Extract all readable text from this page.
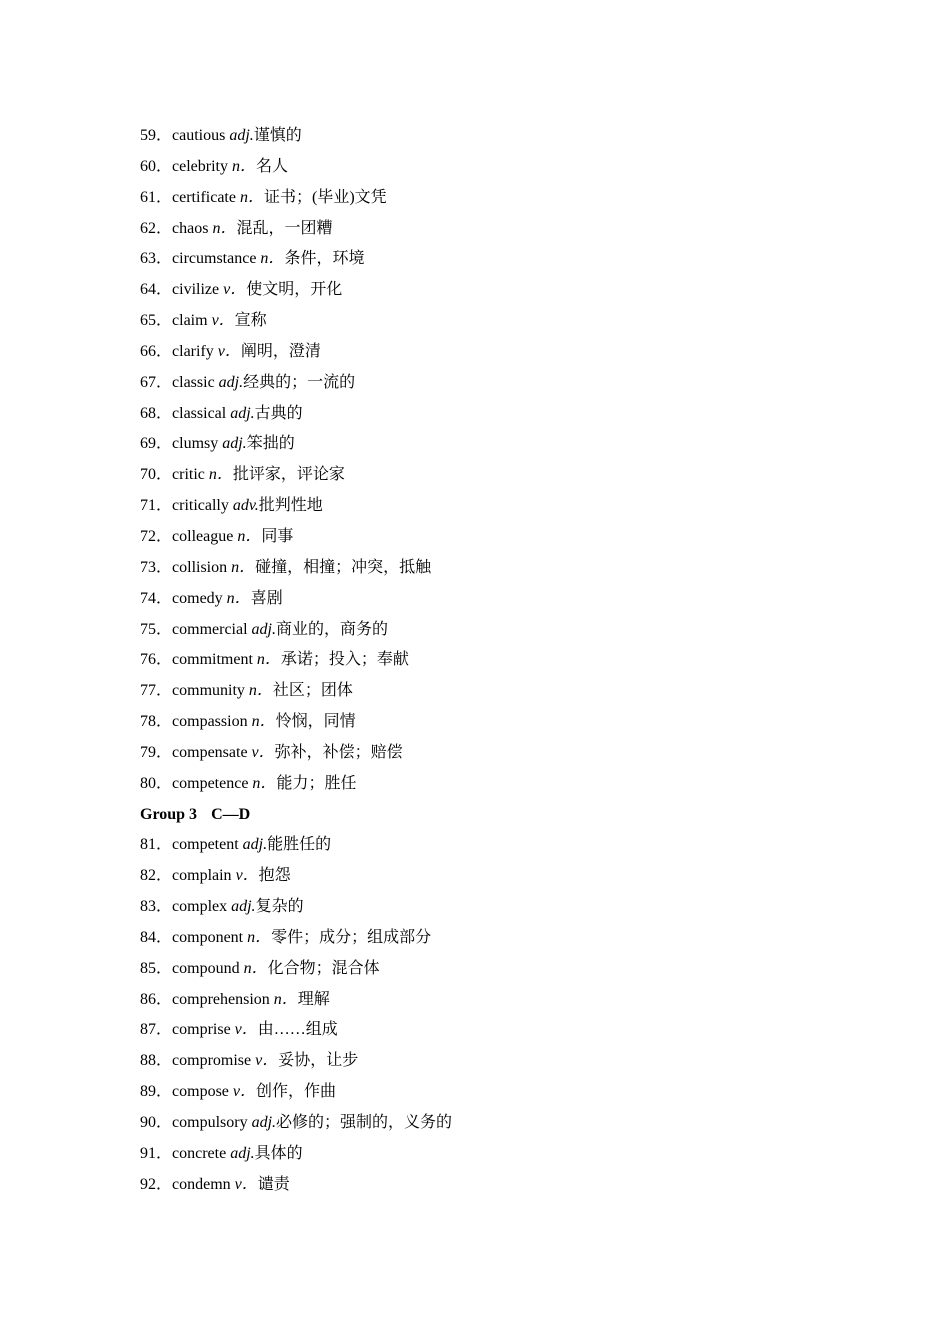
59．cautious adj.谨慎的
60．celebrity n．名人
61．certificate n．证书；(毕业)文凭
62．chaos n．混乱，一团糟
63．circumstance n．条件，环境
64．civilize v．使文明，开化
65．claim v．宣称
66．clarify v．阐明，澄清
67．classic adj.经典的；一流的
68．classical adj.古典的
69．clumsy adj.笨拙的
70．critic n．批评家，评论家
71．critically adv.批判性地
72．colleague n．同事
73．collision n．碰撞，相撞；冲突，抵触
74．comedy n．喜剧
75．commercial adj.商业的，商务的
76．commitment n．承诺；投入；奉献
77．community n．社区；团体
78．compassion n．怜悯，同情
79．compensate v．弥补，补偿；赔偿
80．competence n．能力；胜任
Group 3 C—D
81．competent adj.能胜任的
82．complain v．抱怨
83．complex adj.复杂的
84．component n．零件；成分；组成部分
85．compound n．化合物；混合体
86．comprehension n．理解
87．comprise v．由……组成
88．compromise v．妥协，让步
89．compose v．创作，作曲
90．compulsory adj.必修的；强制的，义务的
91．concrete adj.具体的
92．condemn v．谴责
